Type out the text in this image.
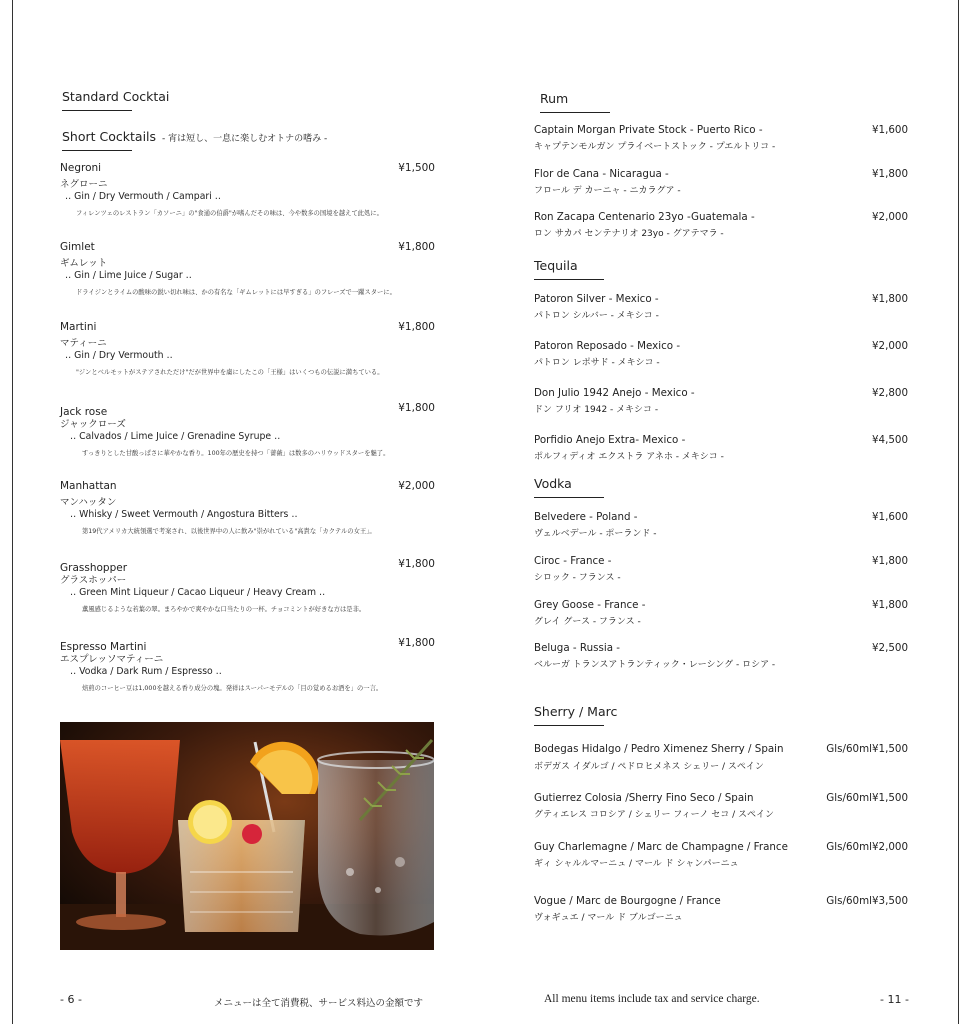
Standard Cocktai
Short Cocktails - 宵は短し、一息に楽しむオトナの嗜み -
Negroni	¥1,500
ネグローニ
‥ Gin / Dry Vermouth / Campari ‥
フィレンツェのレストラン「カソーニ」の"食通の伯爵"が嗜んだその味は、今や数多の国境を越えて此処に。
Gimlet	¥1,800
ギムレット
‥ Gin / Lime Juice / Sugar ‥
ドライジンとライムの酸味の鋭い切れ味は、かの有名な「ギムレットには早すぎる」のフレーズで一躍スターに。
Martini	¥1,800
マティーニ
‥ Gin / Dry Vermouth ‥
"ジンとベルモットがステアされただけ"だが世界中を虜にしたこの「王様」はいくつもの伝説に満ちている。
Jack rose	¥1,800
ジャックローズ
‥ Calvados / Lime Juice / Grenadine Syrupe ‥
すっきりとした甘酸っぱさに華やかな香り。100年の歴史を持つ「薔薇」は数多のハリウッドスターを魅了。
Manhattan	¥2,000
マンハッタン
‥ Whisky / Sweet Vermouth / Angostura Bitters ‥
第19代アメリカ大統領選で考案され、以後世界中の人に飲み"崇がれている"高貴な「カクテルの女王」。
Grasshopper	¥1,800
グラスホッパー
‥ Green Mint Liqueur / Cacao Liqueur / Heavy Cream ‥
薫風感じるような若葉の翠。まろやかで爽やかな口当たりの一杯。チョコミントが好きな方は是非。
Espresso Martini	¥1,800
エスプレッソマティーニ
‥ Vodka / Dark Rum / Espresso ‥
焙煎のコーヒー豆は1,000を越える香り成分の塊。発祥はスーパーモデルの「目の覚めるお酒を」の一言。
Rum
Captain Morgan Private Stock - Puerto Rico -	¥1,600
キャプテンモルガン プライベートストック - プエルトリコ -
Flor de Cana - Nicaragua -	¥1,800
フロール デ カーニャ - ニカラグア -
Ron Zacapa Centenario 23yo -Guatemala -	¥2,000
ロン サカパ センテナリオ 23yo - グアテマラ -
Tequila
Patoron Silver - Mexico -	¥1,800
パトロン シルバー - メキシコ -
Patoron Reposado - Mexico -	¥2,000
パトロン レポサド - メキシコ -
Don Julio 1942 Anejo - Mexico -	¥2,800
ドン フリオ 1942 - メキシコ -
Porfidio Anejo Extra- Mexico -	¥4,500
ポルフィディオ エクストラ アネホ - メキシコ -
Vodka
Belvedere - Poland -	¥1,600
ヴェルベデール - ポーランド -
Ciroc - France -	¥1,800
シロック - フランス -
Grey Goose - France -	¥1,800
グレイ グース - フランス -
Beluga - Russia -	¥2,500
ベルーガ トランスアトランティック・レーシング - ロシア -
Sherry / Marc
Bodegas Hidalgo / Pedro Ximenez Sherry / Spain	Gls/60ml¥1,500
ボデガス イダルゴ / ペドロヒメネス シェリー / スペイン
Gutierrez Colosia /Sherry Fino Seco / Spain	Gls/60ml¥1,500
グティエレス コロシア / シェリー フィーノ セコ / スペイン
Guy Charlemagne / Marc de Champagne / France	Gls/60ml¥2,000
ギィ シャルルマーニュ / マール ド シャンパーニュ
Vogue / Marc de Bourgogne / France	Gls/60ml¥3,500
ヴォギュエ / マール ド ブルゴーニュ
- 6 -	メニューは全て消費税、サービス料込の金額です	All menu items include tax and service charge.	- 11 -
